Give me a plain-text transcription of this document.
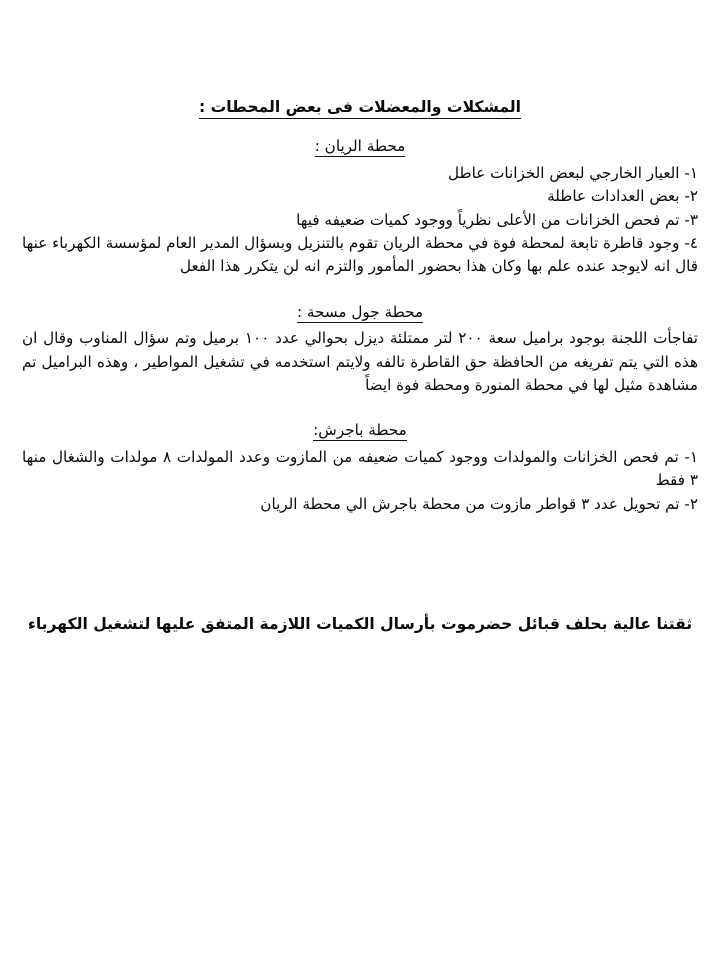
المشكلات والمعضلات فى بعض المحطات :
محطة الريان :
١- العيار الخارجي لبعض الخزانات عاطل
٢- بعض العدادات عاطلة
٣- تم فحص الخزانات من الأعلى نظرياً ووجود كميات ضعيفه فيها
٤- وجود قاطرة تابعة لمحطة فوة في محطة الريان تقوم بالتنزيل وبسؤال المدير العام لمؤسسة الكهرباء عنها قال انه لايوجد عنده علم بها وكان هذا بحضور المأمور والتزم انه لن يتكرر هذا الفعل
محطة جول مسحة :

تفاجأت اللجنة بوجود براميل سعة ٢٠٠ لتر ممتلئة ديزل بحوالي عدد ١٠٠ برميل وتم سؤال المناوب وقال ان هذه التي يتم تفريغه من الحافظة حق القاطرة تالفه ولايتم استخدمه في تشغيل المواطير ، وهذه البراميل تم مشاهدة مثيل لها في محطة المنورة ومحطة فوة ايضاً

محطة باجرش:
١- تم فحص الخزانات والمولدات ووجود كميات ضعيفه من المازوت وعدد المولدات ٨ مولدات والشغال منها ٣ فقط
٢- تم تحويل عدد ٣ قواطر مازوت من محطة باجرش الي محطة الريان

ثقتنا عالية بحلف قبائل حضرموت بأرسال الكميات اللازمة المتفق عليها لتشغيل الكهرباء
